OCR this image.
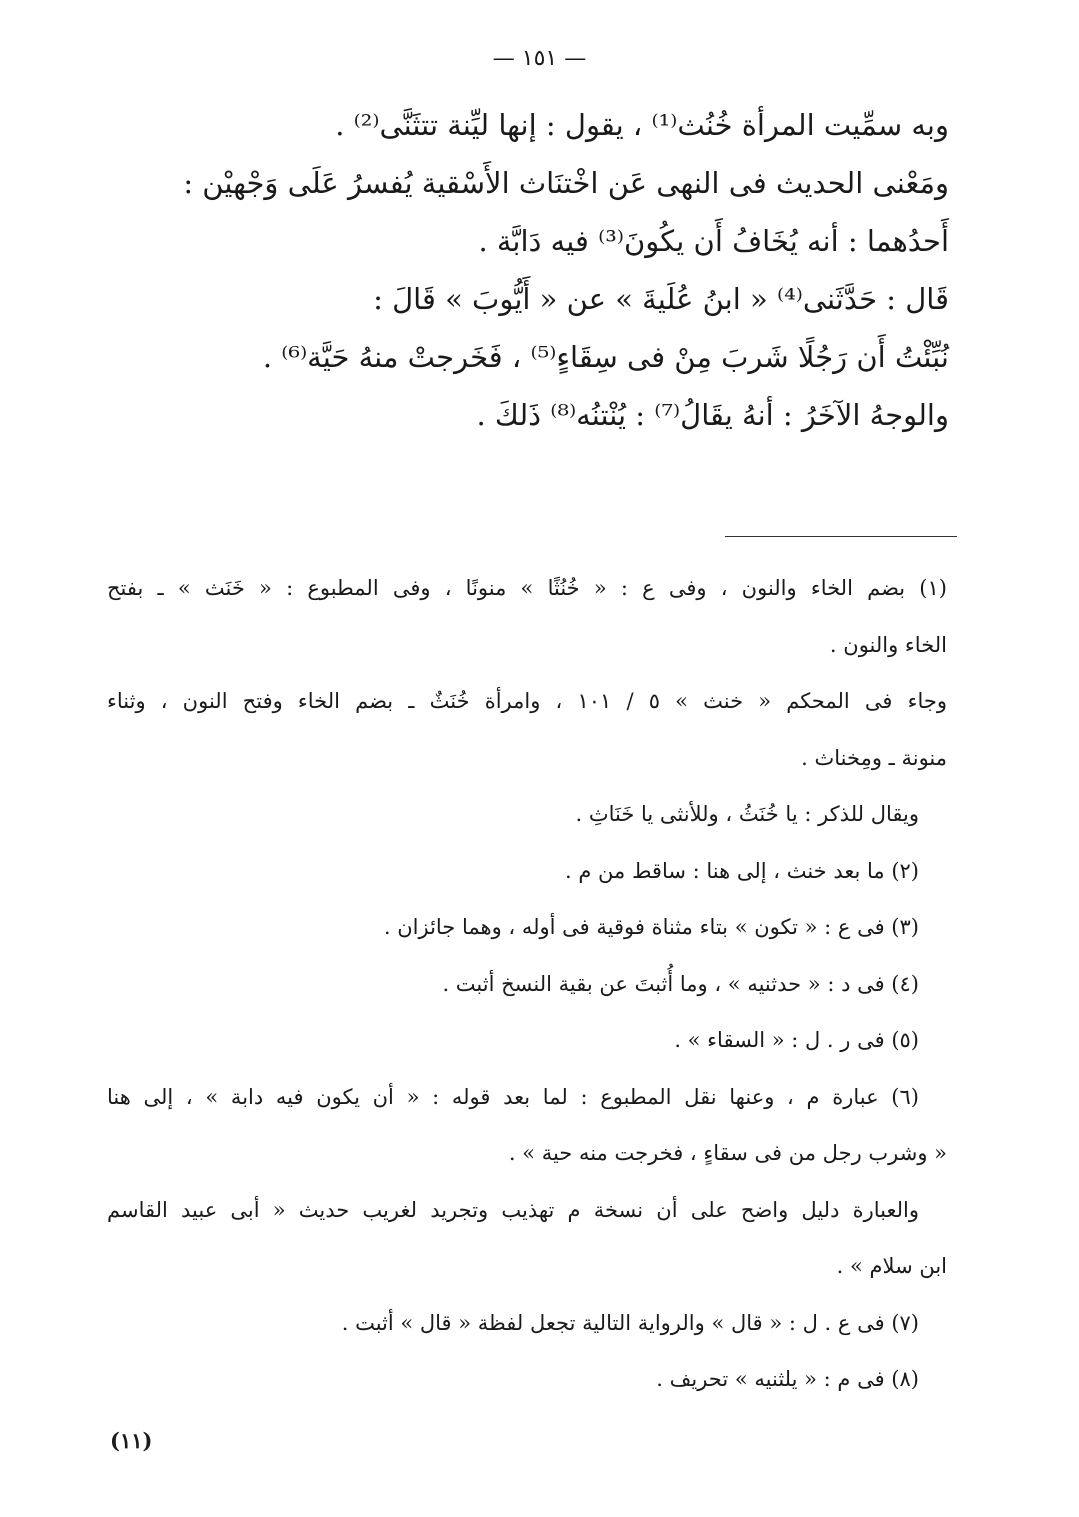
— ١٥١ —
وبه سمِّيت المرأة خُنُث⁽¹⁾ ، يقول : إنها ليِّنة تتثَنَّى⁽²⁾ .
ومَعْنى الحديث فى النهى عَن اخْتنَاث الأَسْقية يُفسرُ عَلَى وَجْهيْن :
أَحدُهما : أنه يُخَافُ أَن يكُونَ⁽³⁾ فيه دَابَّة .
قَال : حَدَّثَنى⁽⁴⁾ « ابنُ عُلَيةَ » عن « أَيُّوبَ » قَالَ :
نُبِّئْتُ أَن رَجُلًا شَربَ مِنْ فى سِقَاءٍ⁽⁵⁾ ، فَخَرجتْ منهُ حَيَّة⁽⁶⁾ .
والوجهُ الآخَرُ : أنهُ يقَالُ⁽⁷⁾ : يُنْتنُه⁽⁸⁾ ذَلكَ .
(١) بضم الخاء والنون ، وفى ع : « خُنُثًا » منونًا ، وفى المطبوع : « خَنَث » ـ بفتح
الخاء والنون .
وجاء فى المحكم « خنث » ٥ / ١٠١ ، وامرأة خُنَثٌ ـ بضم الخاء وفتح النون ، وثناء
منونة ـ ومِخناث .
ويقال للذكر : يا خُنَثُ ، وللأنثى يا خَنَاثِ .
(٢) ما بعد خنث ، إلى هنا : ساقط من م .
(٣) فى ع : « تكون » بتاء مثناة فوقية فى أوله ، وهما جائزان .
(٤) فى د : « حدثنيه » ، وما أُثبتَ عن بقية النسخ أثبت .
(٥) فى ر . ل : « السقاء » .
(٦) عبارة م ، وعنها نقل المطبوع : لما بعد قوله : « أن يكون فيه دابة » ، إلى هنا
« وشرب رجل من فى سقاءٍ ، فخرجت منه حية » .
والعبارة دليل واضح على أن نسخة م تهذيب وتجريد لغريب حديث « أبى عبيد القاسم
ابن سلام » .
(٧) فى ع . ل : « قال » والرواية التالية تجعل لفظة « قال » أثبت .
(٨) فى م : « يلثنيه » تحريف .
(١١)
